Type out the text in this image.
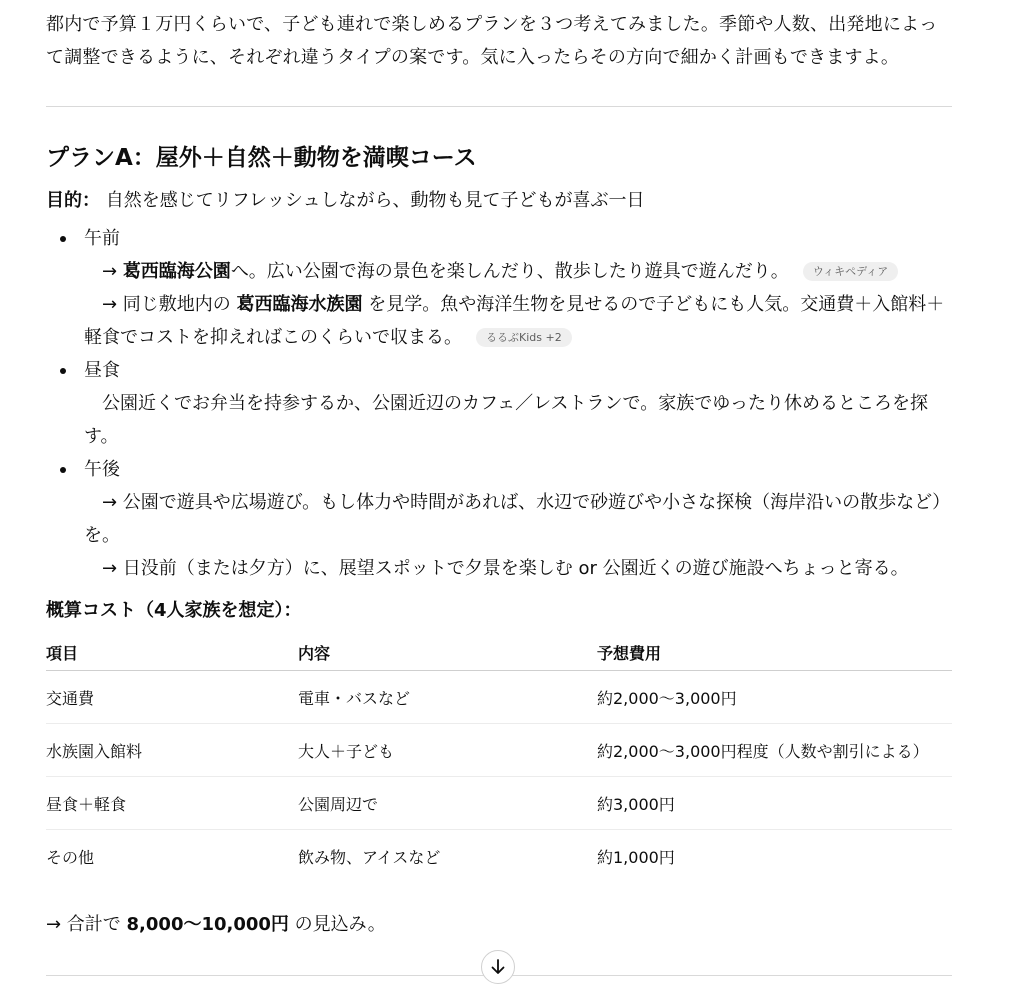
都内で予算１万円くらいで、子ども連れで楽しめるプランを３つ考えてみました。季節や人数、出発地によって調整できるように、それぞれ違うタイプの案です。気に入ったらその方向で細かく計画もできますよ。

プランA：屋外＋自然＋動物を満喫コース

目的： 自然を感じてリフレッシュしながら、動物も見て子どもが喜ぶ一日

午前
→ 葛西臨海公園へ。広い公園で海の景色を楽しんだり、散歩したり遊具で遊んだり。 ウィキペディア
→ 同じ敷地内の 葛西臨海水族園 を見学。魚や海洋生物を見せるので子どもにも人気。交通費＋入館料＋軽食でコストを抑えればこのくらいで収まる。 るるぶKids +2
昼食
公園近くでお弁当を持参するか、公園近辺のカフェ／レストランで。家族でゆったり休めるところを探す。
午後
→ 公園で遊具や広場遊び。もし体力や時間があれば、水辺で砂遊びや小さな探検（海岸沿いの散歩など）を。
→ 日没前（または夕方）に、展望スポットで夕景を楽しむ or 公園近くの遊び施設へちょっと寄る。
概算コスト（4人家族を想定）：
項目	内容	予想費用
交通費	電車・バスなど	約2,000〜3,000円
水族園入館料	大人＋子ども	約2,000〜3,000円程度（人数や割引による）
昼食＋軽食	公園周辺で	約3,000円
その他	飲み物、アイスなど	約1,000円

→ 合計で 8,000〜10,000円 の見込み。
